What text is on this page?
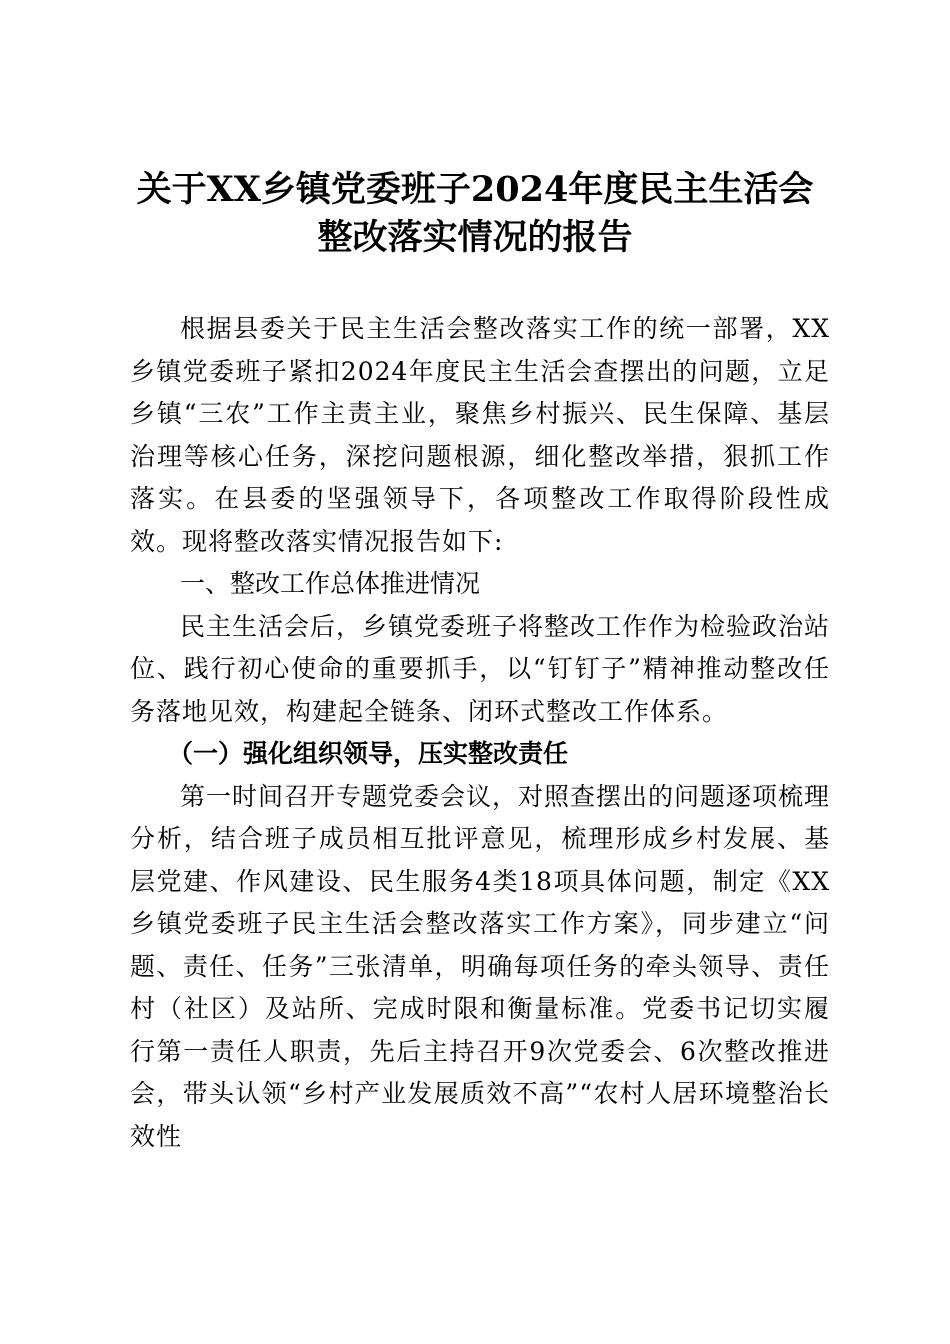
关于XX乡镇党委班子2024年度民主生活会
整改落实情况的报告

根据县委关于民主生活会整改落实工作的统一部署，XX乡镇党委班子紧扣2024年度民主生活会查摆出的问题，立足乡镇“三农”工作主责主业，聚焦乡村振兴、民生保障、基层治理等核心任务，深挖问题根源，细化整改举措，狠抓工作落实。在县委的坚强领导下，各项整改工作取得阶段性成效。现将整改落实情况报告如下:

一、整改工作总体推进情况

民主生活会后，乡镇党委班子将整改工作作为检验政治站位、践行初心使命的重要抓手，以“钉钉子”精神推动整改任务落地见效，构建起全链条、闭环式整改工作体系。

（一）强化组织领导，压实整改责任

第一时间召开专题党委会议，对照查摆出的问题逐项梳理分析，结合班子成员相互批评意见，梳理形成乡村发展、基层党建、作风建设、民生服务4类18项具体问题，制定《XX乡镇党委班子民主生活会整改落实工作方案》，同步建立“问题、责任、任务”三张清单，明确每项任务的牵头领导、责任村（社区）及站所、完成时限和衡量标准。党委书记切实履行第一责任人职责，先后主持召开9次党委会、6次整改推进会，带头认领“乡村产业发展质效不高”“农村人居环境整治长效性
